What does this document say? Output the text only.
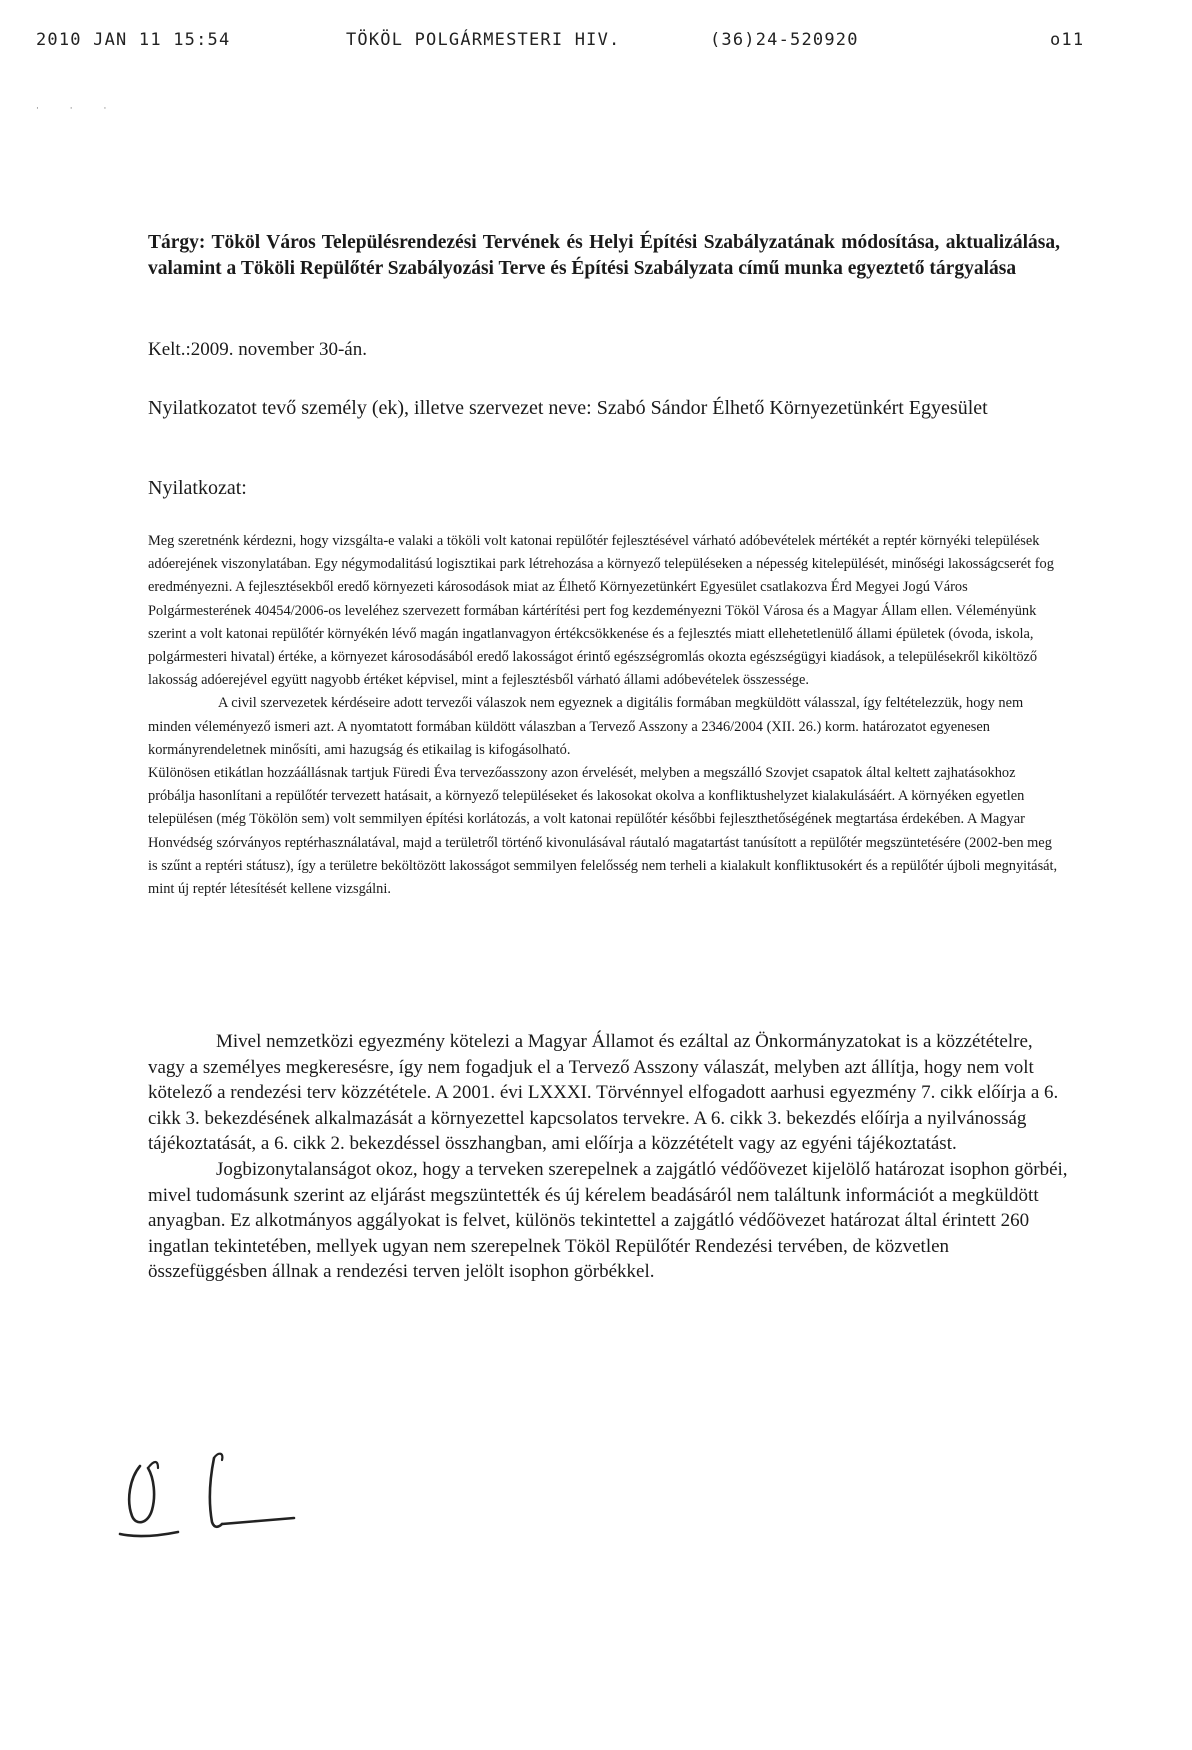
2010 JAN 11 15:54

	TÖKÖL POLGÁRMESTERI HIV.

	(36)24-520920

	o11

· · ·
Tárgy: Tököl Város Településrendezési Tervének és Helyi Építési Szabályzatának módosítása, aktualizálása, valamint a Tököli Repülőtér Szabályozási Terve és Építési Szabályzata című munka egyeztető tárgyalása
Kelt.:2009. november 30-án.
Nyilatkozatot tevő személy (ek), illetve szervezet neve: Szabó Sándor Élhető Környezetünkért Egyesület
Nyilatkozat:

Meg szeretnénk kérdezni, hogy vizsgálta-e valaki a tököli volt katonai repülőtér fejlesztésével várható adóbevételek mértékét a reptér környéki települések adóerejének viszonylatában. Egy négymodalitású logisztikai park létrehozása a környező településeken a népesség kitelepülését, minőségi lakosságcserét fog eredményezni. A fejlesztésekből eredő környezeti károsodások miat az Élhető Környezetünkért Egyesület csatlakozva Érd Megyei Jogú Város Polgármesterének 40454/2006-os leveléhez szervezett formában kártérítési pert fog kezdeményezni Tököl Városa és a Magyar Állam ellen. Véleményünk szerint a volt katonai repülőtér környékén lévő magán ingatlanvagyon értékcsökkenése és a fejlesztés miatt ellehetetlenülő állami épületek (óvoda, iskola, polgármesteri hivatal) értéke, a környezet károsodásából eredő lakosságot érintő egészségromlás okozta egészségügyi kiadások, a településekről kiköltöző lakosság adóerejével együtt nagyobb értéket képvisel, mint a fejlesztésből várható állami adóbevételek összessége.

A civil szervezetek kérdéseire adott tervezői válaszok nem egyeznek a digitális formában megküldött válasszal, így feltételezzük, hogy nem minden véleményező ismeri azt. A nyomtatott formában küldött válaszban a Tervező Asszony a 2346/2004 (XII. 26.) korm. határozatot egyenesen kormányrendeletnek minősíti, ami hazugság és etikailag is kifogásolható.

Különösen etikátlan hozzáállásnak tartjuk Füredi Éva tervezőasszony azon érvelését, melyben a megszálló Szovjet csapatok által keltett zajhatásokhoz próbálja hasonlítani a repülőtér tervezett hatásait, a környező településeket és lakosokat okolva a konfliktushelyzet kialakulásáért. A környéken egyetlen településen (még Tökölön sem) volt semmilyen építési korlátozás, a volt katonai repülőtér későbbi fejleszthetőségének megtartása érdekében. A Magyar Honvédség szórványos reptérhasználatával, majd a területről történő kivonulásával ráutaló magatartást tanúsított a repülőtér megszüntetésére (2002-ben meg is szűnt a reptéri státusz), így a területre beköltözött lakosságot semmilyen felelősség nem terheli a kialakult konfliktusokért és a repülőtér újboli megnyitását, mint új reptér létesítését kellene vizsgálni.

Mivel nemzetközi egyezmény kötelezi a Magyar Államot és ezáltal az Önkormányzatokat is a közzétételre, vagy a személyes megkeresésre, így nem fogadjuk el a Tervező Asszony válaszát, melyben azt állítja, hogy nem volt kötelező a rendezési terv közzététele. A 2001. évi LXXXI. Törvénnyel elfogadott aarhusi egyezmény 7. cikk előírja a 6. cikk 3. bekezdésének alkalmazását a környezettel kapcsolatos tervekre. A 6. cikk 3. bekezdés előírja a nyilvánosság tájékoztatását, a 6. cikk 2. bekezdéssel összhangban, ami előírja a közzétételt vagy az egyéni tájékoztatást.

Jogbizonytalanságot okoz, hogy a terveken szerepelnek a zajgátló védőövezet kijelölő határozat isophon görbéi, mivel tudomásunk szerint az eljárást megszüntették és új kérelem beadásáról nem találtunk információt a megküldött anyagban. Ez alkotmányos aggályokat is felvet, különös tekintettel a zajgátló védőövezet határozat által érintett 260 ingatlan tekintetében, mellyek ugyan nem szerepelnek Tököl Repülőtér Rendezési tervében, de közvetlen összefüggésben állnak a rendezési terven jelölt isophon görbékkel.
